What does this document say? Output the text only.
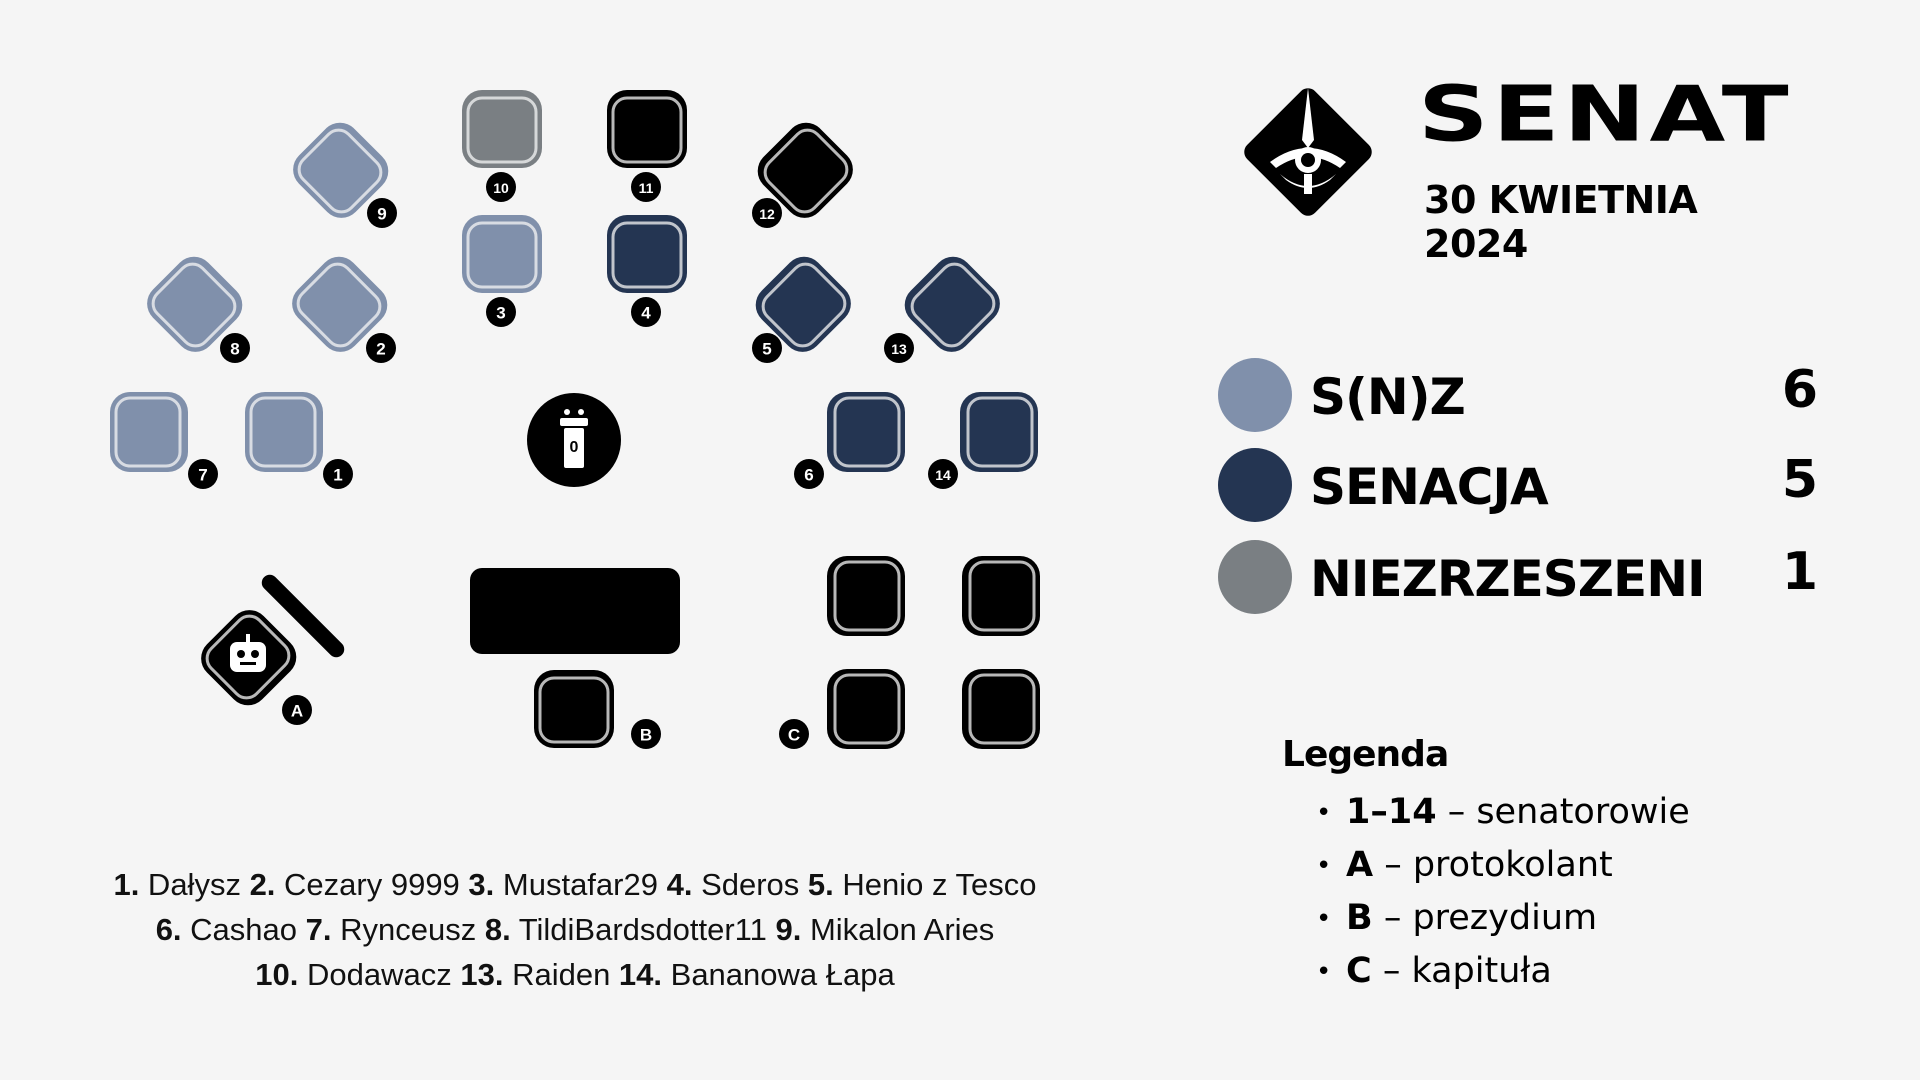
1
2
3	4
5
6
7
8
9
10	11
12
13
14
0
B	C
A
SENAT
30 KWIETNIA 2024
S(N)Z	6
SENACJA	5
NIEZRZESZENI	1
Legenda
• 1–14 – senatorowie
• A – protokolant
• B – prezydium
• C – kapituła
1. Dałysz 2. Cezary 9999 3. Mustafar29 4. Sderos 5. Henio z Tesco
6. Cashao 7. Rynceusz 8. TildiBardsdotter11 9. Mikalon Aries
10. Dodawacz 13. Raiden 14. Bananowa Łapa
